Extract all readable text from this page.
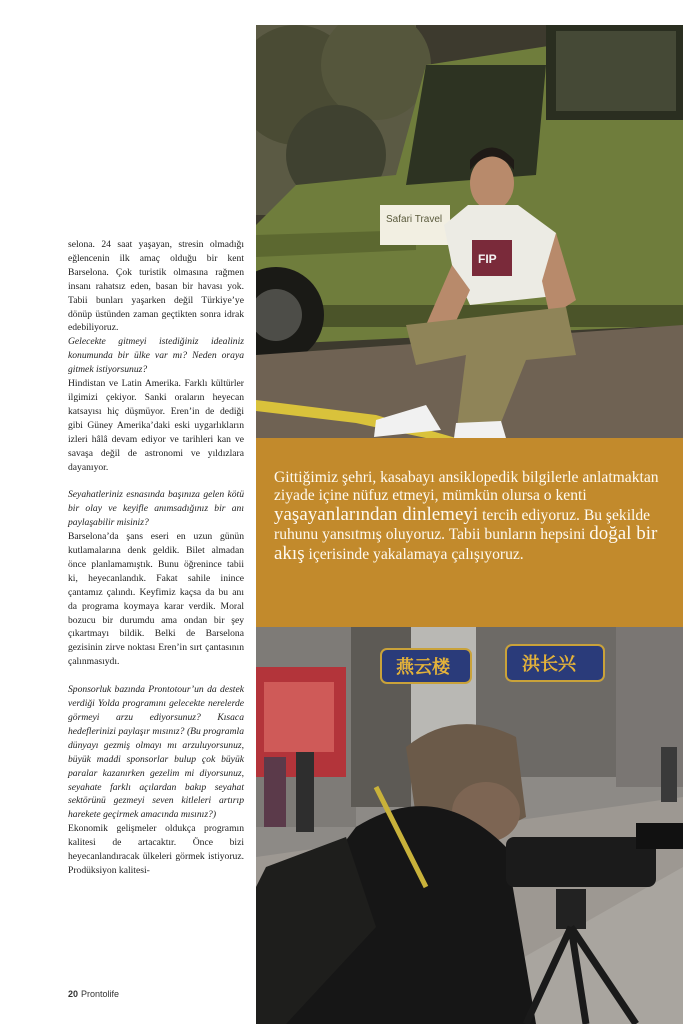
selona. 24 saat yaşayan, stresin olmadığı eğlencenin ilk amaç olduğu bir kent Barselona. Çok turistik olmasına rağmen insanı rahatsız eden, basan bir havası yok. Tabii bunları yaşarken değil Türkiye’ye dönüp üstünden zaman geçtikten sonra idrak edebiliyoruz.

Gelecekte gitmeyi istediğiniz idealiniz konumunda bir ülke var mı? Neden oraya gitmek istiyorsunuz?

Hindistan ve Latin Amerika. Farklı kültürler ilgimizi çekiyor. Sanki oraların heyecan katsayısı hiç düşmüyor. Eren’in de dediği gibi Güney Amerika’daki eski uygarlıkların izleri hâlâ devam ediyor ve tarihleri kan ve savaşa değil de astronomi ve yıldızlara dayanıyor.

Seyahatleriniz esnasında başınıza gelen kötü bir olay ve keyifle anımsadığınız bir anı paylaşabilir misiniz?

Barselona’da şans eseri en uzun günün kutlamalarına denk geldik. Bilet almadan önce planlamamıştık. Bunu öğrenince tabii ki, heyecanlandık. Fakat sahile inince çantamız çalındı. Keyfimiz kaçsa da bu anı da programa koymaya karar verdik. Moral bozucu bir durumdu ama ondan bir şey çıkartmayı bildik. Belki de Barselona gezisinin zirve noktası Eren’in sırt çantasının çalınmasıydı.

Sponsorluk bazında Prontotour’un da destek verdiği Yolda programını gelecekte nerelerde görmeyi arzu ediyorsunuz? Kısaca hedeflerinizi paylaşır mısınız? (Bu programla dünyayı gezmiş olmayı mı arzuluyorsunuz, büyük maddi sponsorlar bulup çok büyük paralar kazanırken gezelim mi diyorsunuz, seyahate farklı açılardan bakıp seyahat sektörünü gezmeyi seven kitleleri artırıp harekete geçirmek amacında mısınız?)

Ekonomik gelişmeler oldukça programın kalitesi de artacaktır. Önce bizi heyecanlandıracak ülkeleri görmek istiyoruz. Prodüksiyon kalitesi-

20 Prontolife
Safari Travel
FIP
Gittiğimiz şehri, kasabayı ansiklopedik bilgilerle anlatmaktan ziyade içine nüfuz etmeyi, mümkün olursa o kenti yaşayanlarından dinlemeyi tercih ediyoruz. Bu şekilde ruhunu yansıtmış oluyoruz. Tabii bunların hepsini doğal bir akış içerisinde yakalamaya çalışıyoruz.
燕云楼	洪长兴
